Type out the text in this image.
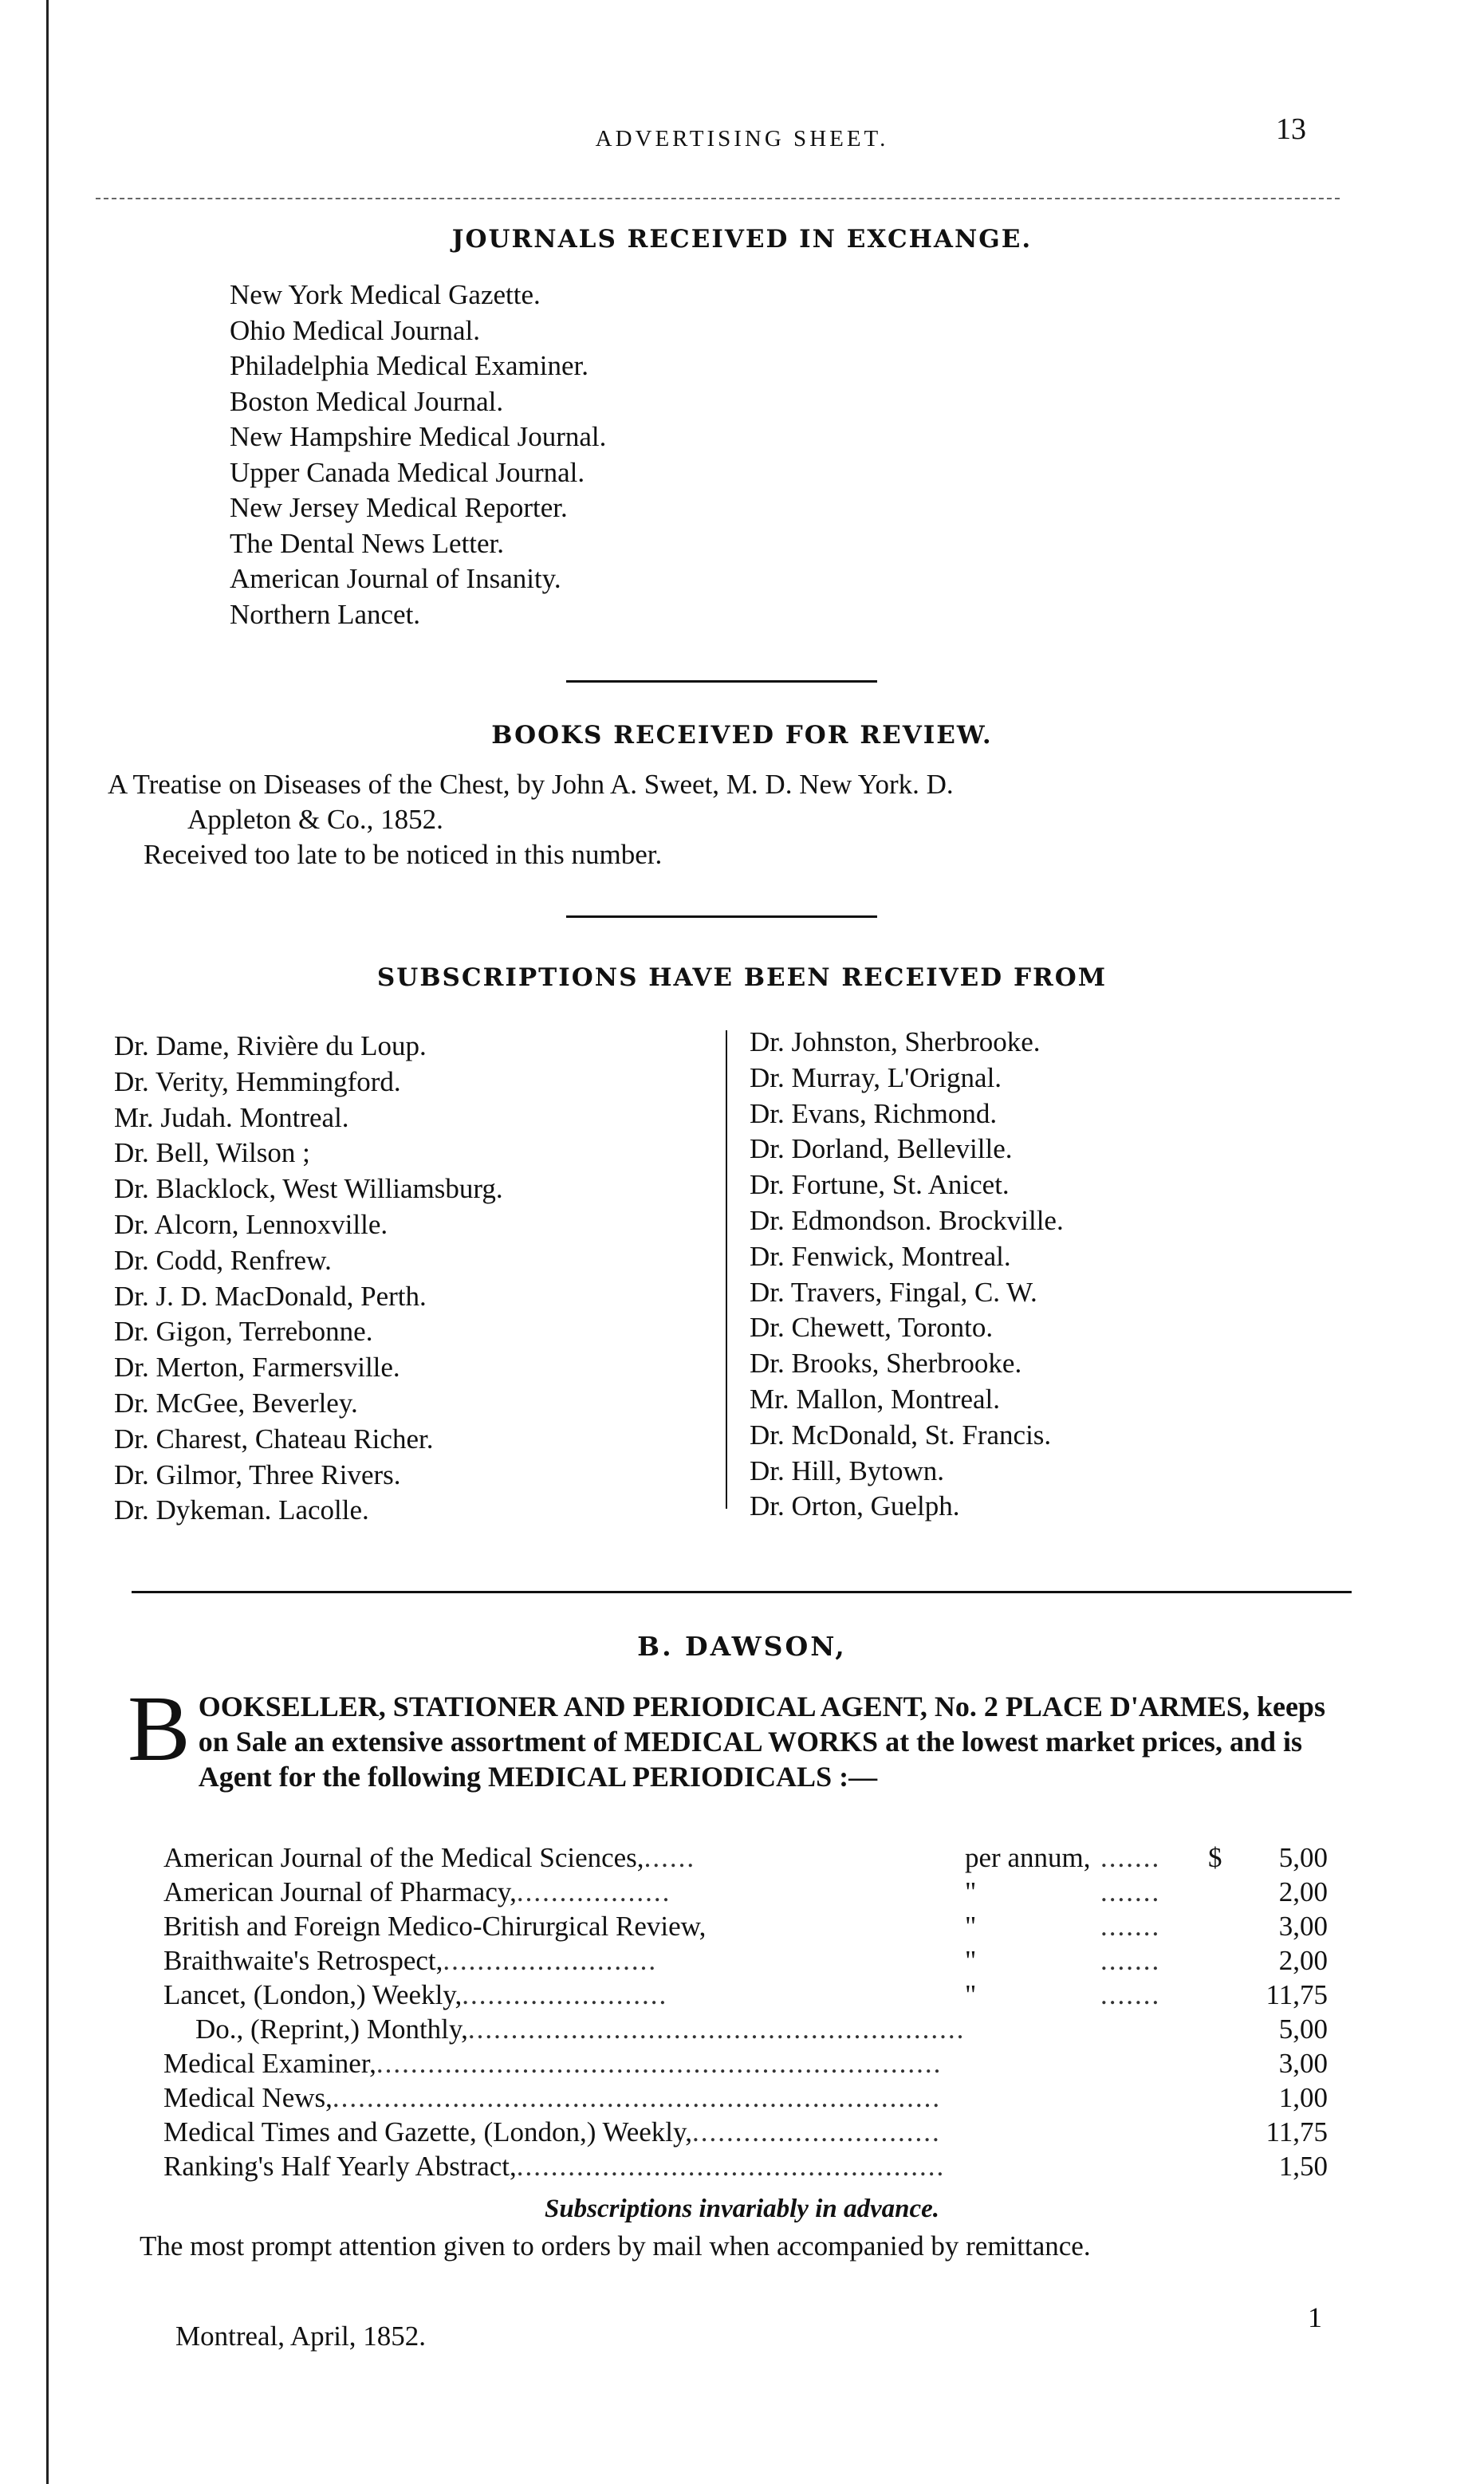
ADVERTISING SHEET.	13
JOURNALS RECEIVED IN EXCHANGE.
New York Medical Gazette.
Ohio Medical Journal.
Philadelphia Medical Examiner.
Boston Medical Journal.
New Hampshire Medical Journal.
Upper Canada Medical Journal.
New Jersey Medical Reporter.
The Dental News Letter.
American Journal of Insanity.
Northern Lancet.
BOOKS RECEIVED FOR REVIEW.
A Treatise on Diseases of the Chest, by John A. Sweet, M. D. New York. D.
Appleton & Co., 1852.
Received too late to be noticed in this number.
SUBSCRIPTIONS HAVE BEEN RECEIVED FROM
Dr. Dame, Rivière du Loup.
Dr. Verity, Hemmingford.
Mr. Judah. Montreal.
Dr. Bell, Wilson ;
Dr. Blacklock, West Williamsburg.
Dr. Alcorn, Lennoxville.
Dr. Codd, Renfrew.
Dr. J. D. MacDonald, Perth.
Dr. Gigon, Terrebonne.
Dr. Merton, Farmersville.
Dr. McGee, Beverley.
Dr. Charest, Chateau Richer.
Dr. Gilmor, Three Rivers.
Dr. Dykeman. Lacolle.
Dr. Johnston, Sherbrooke.
Dr. Murray, L'Orignal.
Dr. Evans, Richmond.
Dr. Dorland, Belleville.
Dr. Fortune, St. Anicet.
Dr. Edmondson. Brockville.
Dr. Fenwick, Montreal.
Dr. Travers, Fingal, C. W.
Dr. Chewett, Toronto.
Dr. Brooks, Sherbrooke.
Mr. Mallon, Montreal.
Dr. McDonald, St. Francis.
Dr. Hill, Bytown.
Dr. Orton, Guelph.
B. DAWSON,
BOOKSELLER, STATIONER AND PERIODICAL AGENT, No. 2 PLACE D'ARMES, keeps on Sale an extensive assortment of MEDICAL WORKS at the lowest market prices, and is Agent for the following MEDICAL PERIODICALS :—
American Journal of the Medical Sciences,......	per annum, ....... $ 5,00
American Journal of Pharmacy,..................	"	.......	2,00
British and Foreign Medico-Chirurgical Review,	"	.......	3,00
Braithwaite's Retrospect,.........................	"	.......	2,00
Lancet, (London,) Weekly,........................	"	.......	11,75
Do., (Reprint,) Monthly,..........................................................	5,00
Medical Examiner,..................................................................	3,00
Medical News,.......................................................................	1,00
Medical Times and Gazette, (London,) Weekly,.............................	11,75
Ranking's Half Yearly Abstract,..................................................	1,50
Subscriptions invariably in advance.
The most prompt attention given to orders by mail when accompanied by remittance.
Montreal, April, 1852.
1
